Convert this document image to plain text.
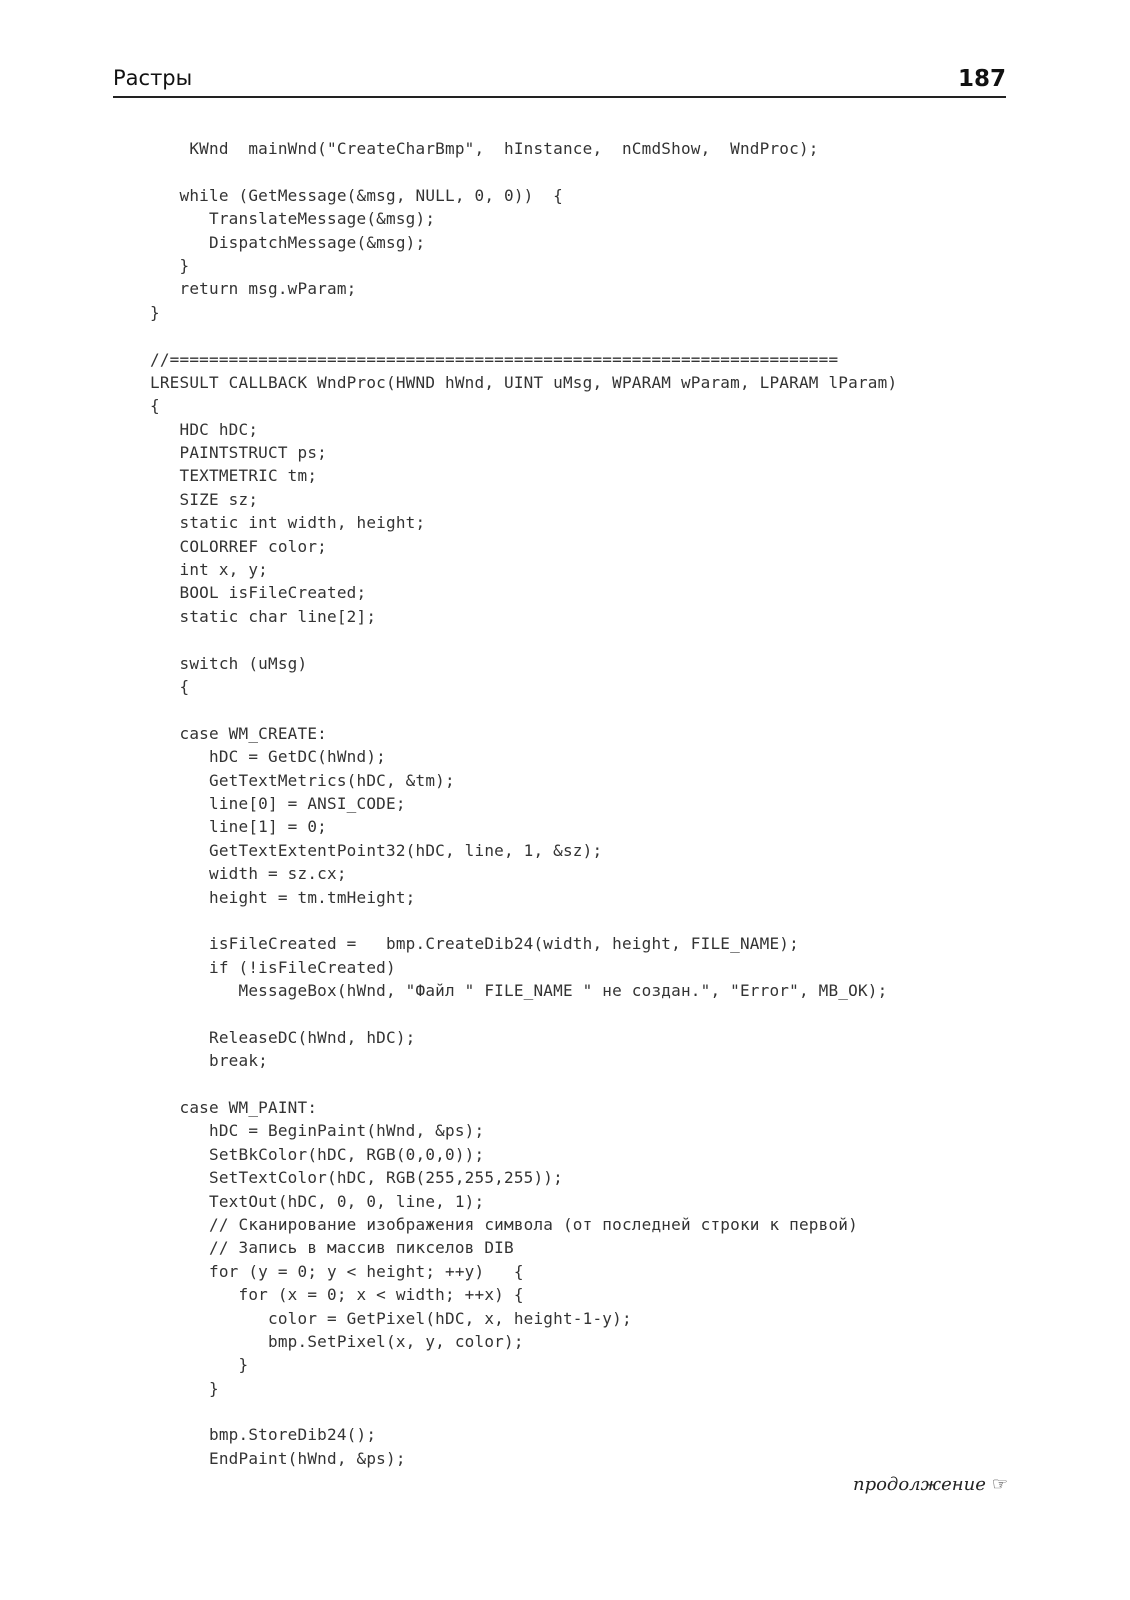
Растры	187
KWnd  mainWnd("CreateCharBmp",  hInstance,  nCmdShow,  WndProc);
while (GetMessage(&msg, NULL, 0, 0))  {
TranslateMessage(&msg);
DispatchMessage(&msg);
}
return msg.wParam;
}
//====================================================================
LRESULT CALLBACK WndProc(HWND hWnd, UINT uMsg, WPARAM wParam, LPARAM lParam)
{
HDC hDC;
PAINTSTRUCT ps;
TEXTMETRIC tm;
SIZE sz;
static int width, height;
COLORREF color;
int x, y;
BOOL isFileCreated;
static char line[2];
switch (uMsg)
{
case WM_CREATE:
hDC = GetDC(hWnd);
GetTextMetrics(hDC, &tm);
line[0] = ANSI_CODE;
line[1] = 0;
GetTextExtentPoint32(hDC, line, 1, &sz);
width = sz.cx;
height = tm.tmHeight;
isFileCreated =   bmp.CreateDib24(width, height, FILE_NAME);
if (!isFileCreated)
MessageBox(hWnd, "Файл " FILE_NAME " не создан.", "Error", MB_OK);
ReleaseDC(hWnd, hDC);
break;
case WM_PAINT:
hDC = BeginPaint(hWnd, &ps);
SetBkColor(hDC, RGB(0,0,0));
SetTextColor(hDC, RGB(255,255,255));
TextOut(hDC, 0, 0, line, 1);
// Сканирование изображения символа (от последней строки к первой)
// Запись в массив пикселов DIB
for (y = 0; y < height; ++y)   {
for (x = 0; x < width; ++x) {
color = GetPixel(hDC, x, height-1-y);
bmp.SetPixel(x, y, color);
}
}
bmp.StoreDib24();
EndPaint(hWnd, &ps);
продолжение ☞
